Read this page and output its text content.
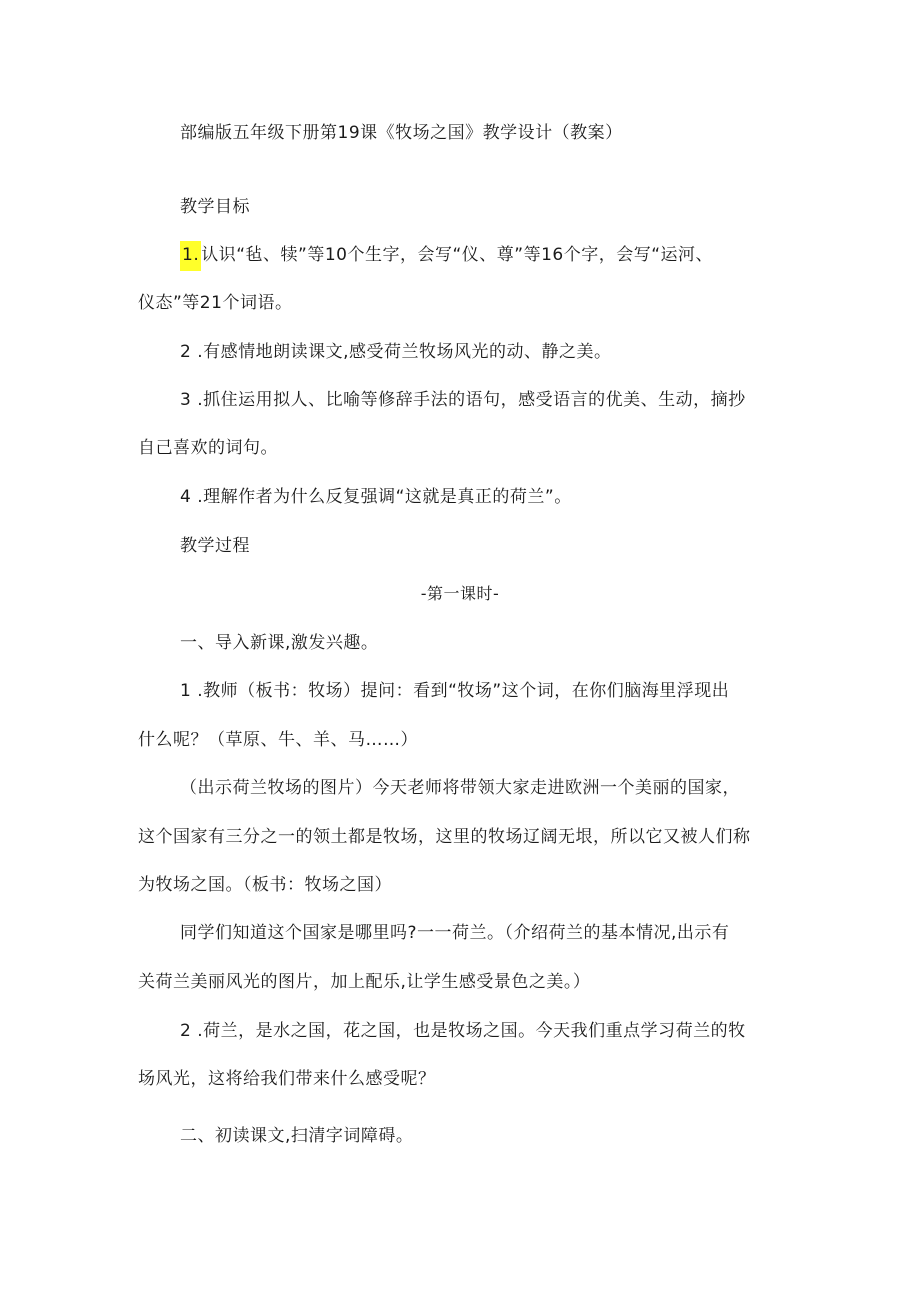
部编版五年级下册第19课《牧场之国》教学设计（教案）
教学目标
1. 认识“毡、犊”等10个生字，会写“仪、尊”等16个字，会写“运河、
仪态”等21个词语。
2 .有感情地朗读课文,感受荷兰牧场风光的动、静之美。
3 .抓住运用拟人、比喻等修辞手法的语句，感受语言的优美、生动，摘抄
自己喜欢的词句。
4 .理解作者为什么反复强调“这就是真正的荷兰”。
教学过程
-第一课时-
一、导入新课,激发兴趣。
1 .教师（板书：牧场）提问：看到“牧场”这个词，在你们脑海里浮现出
什么呢？（草原、牛、羊、马……）
（出示荷兰牧场的图片）今天老师将带领大家走进欧洲一个美丽的国家，
这个国家有三分之一的领土都是牧场，这里的牧场辽阔无垠，所以它又被人们称
为牧场之国。（板书：牧场之国）
同学们知道这个国家是哪里吗?一一荷兰。（介绍荷兰的基本情况,出示有
关荷兰美丽风光的图片，加上配乐,让学生感受景色之美。）
2 .荷兰，是水之国，花之国，也是牧场之国。今天我们重点学习荷兰的牧
场风光，这将给我们带来什么感受呢？
二、初读课文,扫清字词障碍。
